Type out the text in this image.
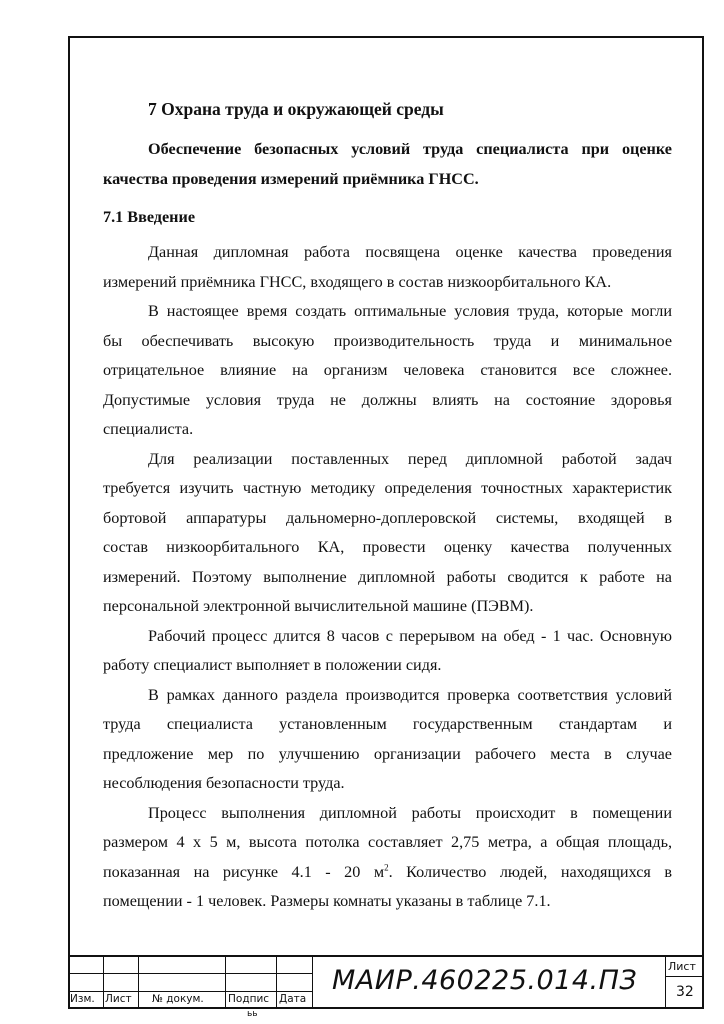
7 Охрана труда и окружающей среды
Обеспечение безопасных условий труда специалиста при оценке
качества проведения измерений приёмника ГНСС.
7.1 Введение
Данная дипломная работа посвящена оценке качества проведения
измерений приёмника ГНСС, входящего в состав низкоорбитального КА.
В настоящее время создать оптимальные условия труда, которые могли
бы обеспечивать высокую производительность труда и минимальное
отрицательное влияние на организм человека становится все сложнее.
Допустимые условия труда не должны влиять на состояние здоровья
специалиста.
Для реализации поставленных перед дипломной работой задач
требуется изучить частную методику определения точностных характеристик
бортовой аппаратуры дальномерно-доплеровской системы, входящей в
состав низкоорбитального КА, провести оценку качества полученных
измерений. Поэтому выполнение дипломной работы сводится к работе на
персональной электронной вычислительной машине (ПЭВМ).
Рабочий процесс длится 8 часов с перерывом на обед - 1 час. Основную
работу специалист выполняет в положении сидя.
В рамках данного раздела производится проверка соответствия условий
труда специалиста установленным государственным стандартам и
предложение мер по улучшению организации рабочего места в случае
несоблюдения безопасности труда.
Процесс выполнения дипломной работы происходит в помещении
размером 4 х 5 м, высота потолка составляет 2,75 метра, а общая площадь,
показанная на рисунке 4.1 - 20 $м^2$. Количество людей, находящихся в
помещении - 1 человек. Размеры комнаты указаны в таблице 7.1.
Изм. Лист № докум. Подпис Дата
МАИР.460225.014.ПЗ	Лист
32
ьь
